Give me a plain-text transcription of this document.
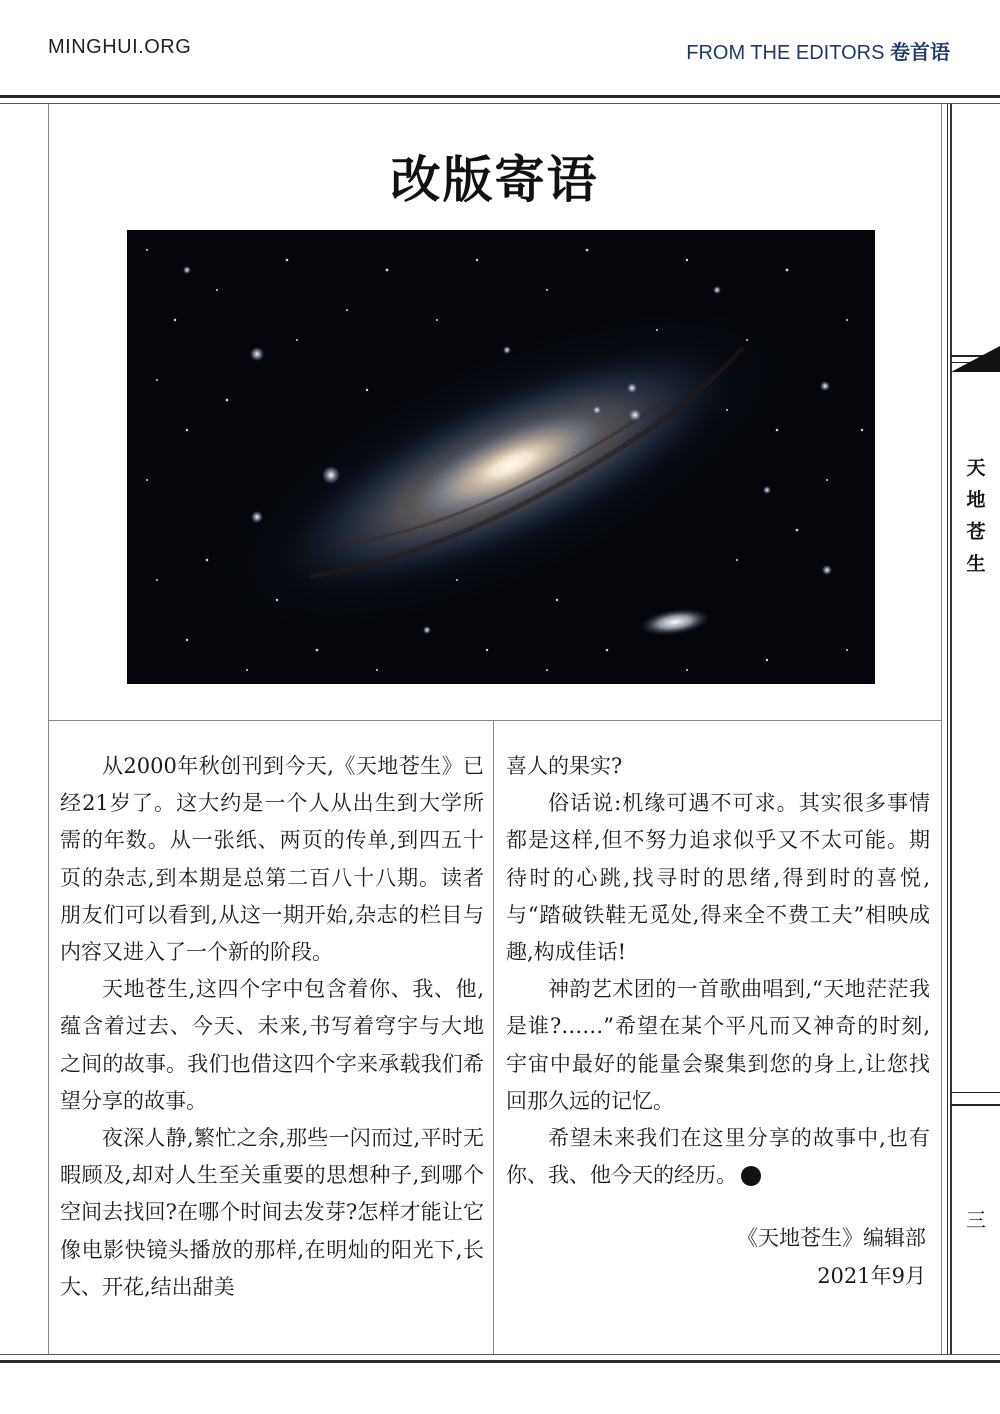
MINGHUI.ORG	FROM THE EDITORS 卷首语
天
地
苍
生
三
改版寄语

从2000年秋创刊到今天,《天地苍生》已经21岁了。这大约是一个人从出生到大学所需的年数。从一张纸、两页的传单,到四五十页的杂志,到本期是总第二百八十八期。读者朋友们可以看到,从这一期开始,杂志的栏目与内容又进入了一个新的阶段。

天地苍生,这四个字中包含着你、我、他,蕴含着过去、今天、未来,书写着穹宇与大地之间的故事。我们也借这四个字来承载我们希望分享的故事。

夜深人静,繁忙之余,那些一闪而过,平时无暇顾及,却对人生至关重要的思想种子,到哪个空间去找回?在哪个时间去发芽?怎样才能让它像电影快镜头播放的那样,在明灿的阳光下,长大、开花,结出甜美

喜人的果实?

俗话说:机缘可遇不可求。其实很多事情都是这样,但不努力追求似乎又不太可能。期待时的心跳,找寻时的思绪,得到时的喜悦,与“踏破铁鞋无觅处,得来全不费工夫”相映成趣,构成佳话!

神韵艺术团的一首歌曲唱到,“天地茫茫我是谁?……”希望在某个平凡而又神奇的时刻,宇宙中最好的能量会聚集到您的身上,让您找回那久远的记忆。

希望未来我们在这里分享的故事中,也有你、我、他今天的经历。	T

《天地苍生》编辑部
2021年9月
